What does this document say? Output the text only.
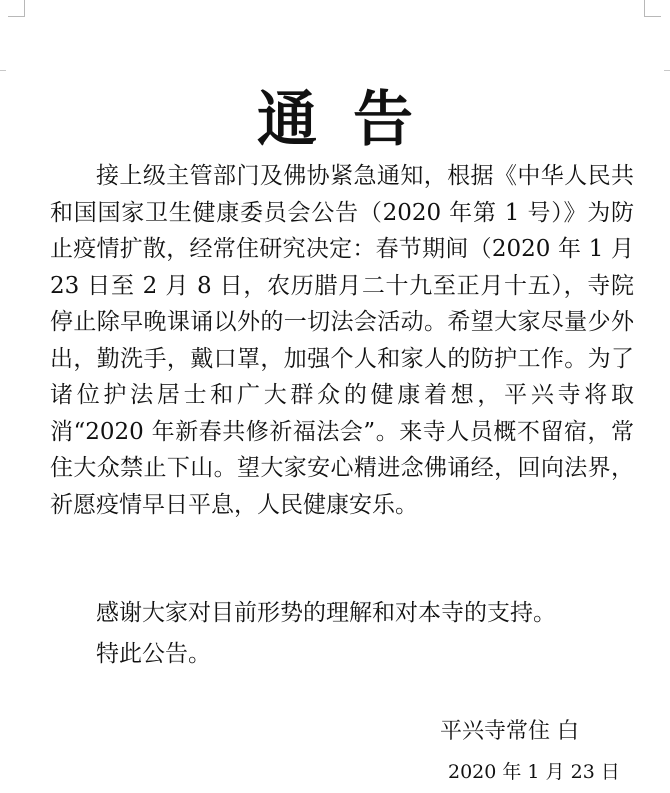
通告

接上级主管部门及佛协紧急通知，根据《中华人民共和国国家卫生健康委员会公告（2020 年第 1 号）》为防止疫情扩散，经常住研究决定：春节期间（2020 年 1 月 23 日至 2 月 8 日，农历腊月二十九至正月十五），寺院停止除早晚课诵以外的一切法会活动。希望大家尽量少外出，勤洗手，戴口罩，加强个人和家人的防护工作。为了诸位护法居士和广大群众的健康着想，平兴寺将取消“2020 年新春共修祈福法会”。来寺人员概不留宿，常住大众禁止下山。望大家安心精进念佛诵经，回向法界，祈愿疫情早日平息，人民健康安乐。

感谢大家对目前形势的理解和对本寺的支持。

特此公告。

平兴寺常住 白

2020 年 1 月 23 日
